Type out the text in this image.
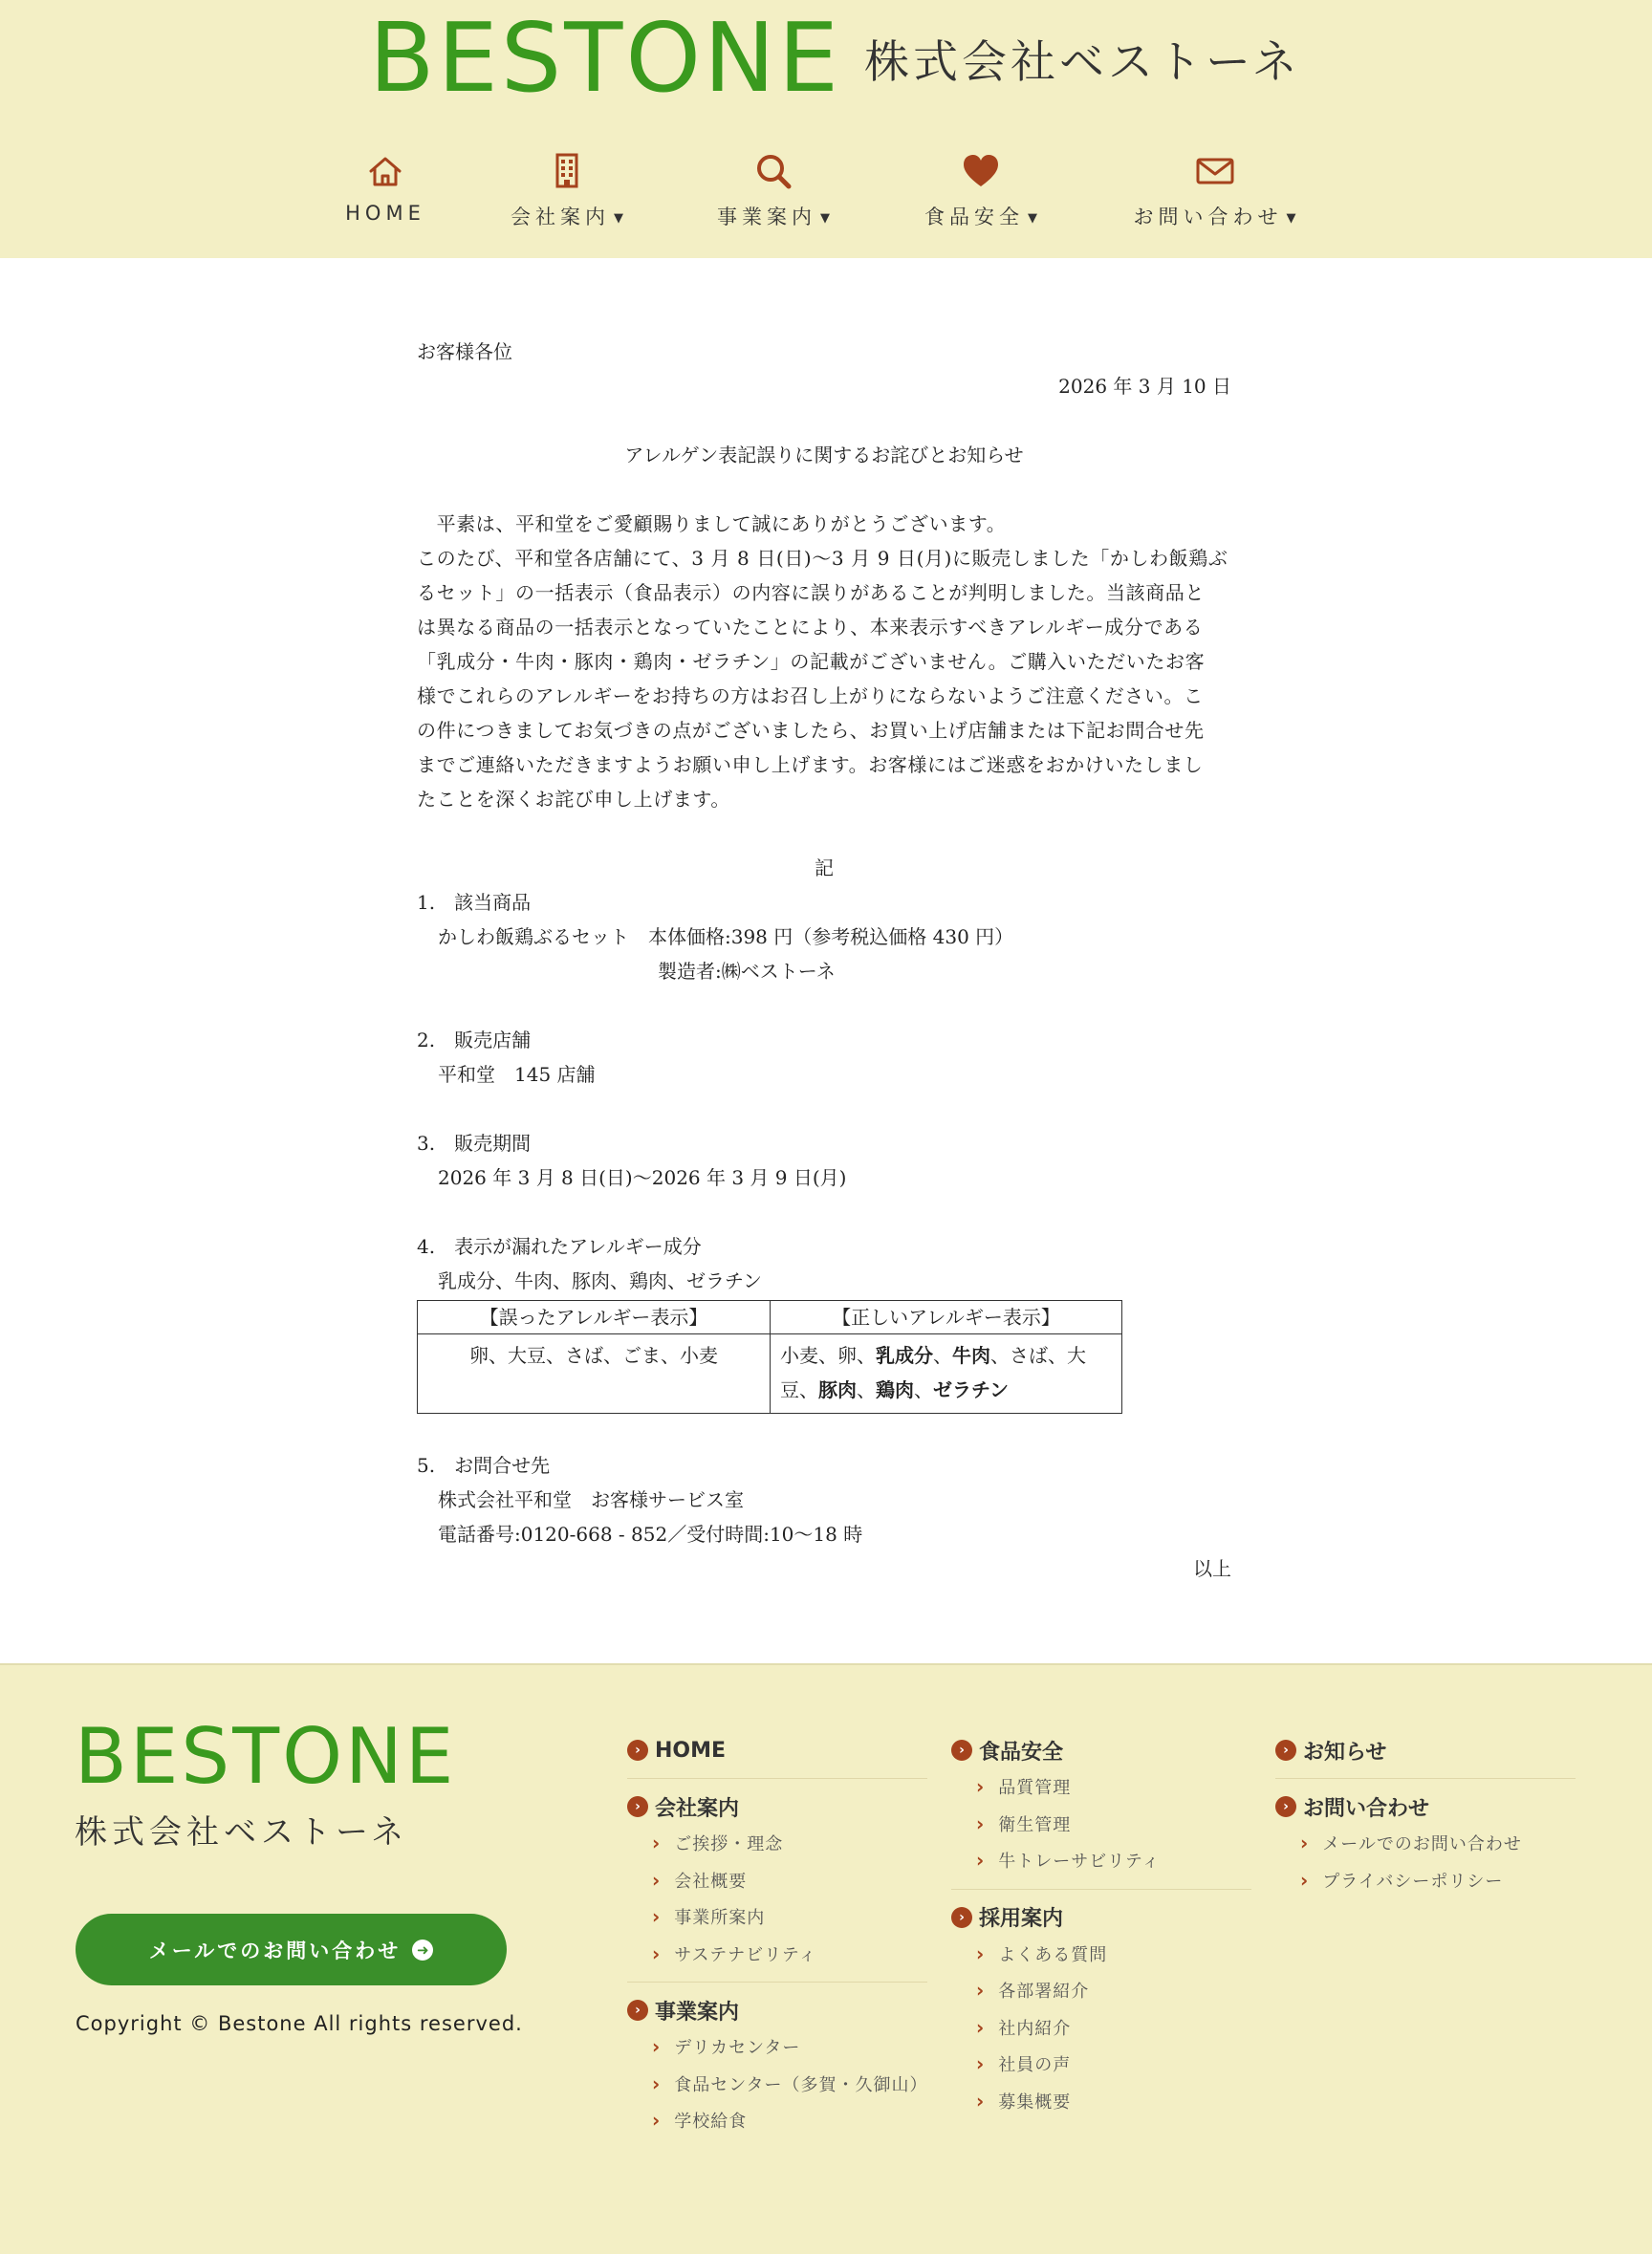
BESTONE 株式会社ベストーネ
HOME	会社案内 ▼	事業案内 ▼	食品安全 ▼	お問い合わせ ▼

お客様各位

2026 年 3 月 10 日

アレルゲン表記誤りに関するお詫びとお知らせ

　平素は、平和堂をご愛顧賜りまして誠にありがとうございます。

このたび、平和堂各店舗にて、3 月 8 日(日)～3 月 9 日(月)に販売しました「かしわ飯鶏ぶ

るセット」の一括表示（食品表示）の内容に誤りがあることが判明しました。当該商品と

は異なる商品の一括表示となっていたことにより、本来表示すべきアレルギー成分である

「乳成分・牛肉・豚肉・鶏肉・ゼラチン」の記載がございません。ご購入いただいたお客

様でこれらのアレルギーをお持ちの方はお召し上がりにならないようご注意ください。こ

の件につきましてお気づきの点がございましたら、お買い上げ店舗または下記お問合せ先

までご連絡いただきますようお願い申し上げます。お客様にはご迷惑をおかけいたしまし

たことを深くお詫び申し上げます。

記

1.　該当商品

かしわ飯鶏ぶるセット　本体価格:398 円（参考税込価格 430 円）

製造者:㈱ベストーネ

2.　販売店舗

平和堂　145 店舗

3.　販売期間

2026 年 3 月 8 日(日)～2026 年 3 月 9 日(月)

4.　表示が漏れたアレルギー成分

乳成分、牛肉、豚肉、鶏肉、ゼラチン

【誤ったアレルギー表示】	【正しいアレルギー表示】
卵、大豆、さば、ごま、小麦	小麦、卵、乳成分、牛肉、さば、大豆、豚肉、鶏肉、ゼラチン

5.　お問合せ先

株式会社平和堂　お客様サービス室

電話番号:0120-668 - 852／受付時間:10～18 時

以上

BESTONE
株式会社ベストーネ
メールでのお問い合わせ	➜
Copyright © Bestone All rights reserved.
› HOME
› 会社案内
› ご挨拶・理念
› 会社概要
› 事業所案内
› サステナビリティ
› 事業案内
› デリカセンター
› 食品センター（多賀・久御山）
› 学校給食
› 食品安全
› 品質管理
› 衛生管理
› 牛トレーサビリティ
› 採用案内
› よくある質問
› 各部署紹介
› 社内紹介
› 社員の声
› 募集概要
› お知らせ
› お問い合わせ
› メールでのお問い合わせ
› プライバシーポリシー
